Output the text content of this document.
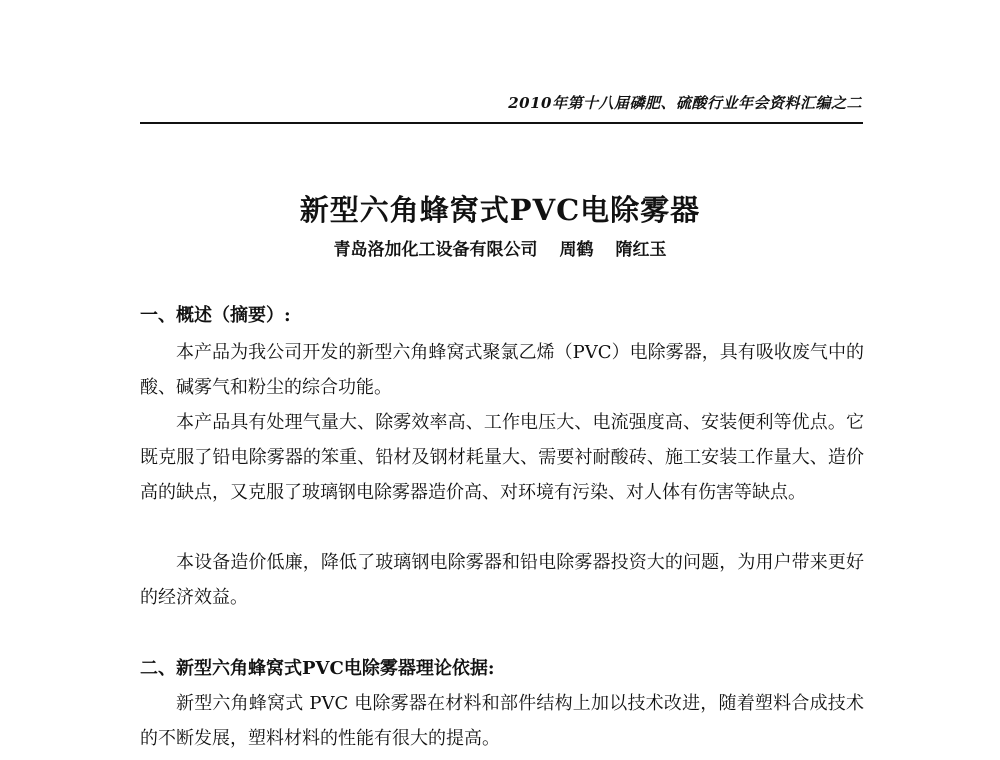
2010年第十八届磷肥、硫酸行业年会资料汇编之二
新型六角蜂窝式PVC电除雾器
青岛洛加化工设备有限公司 周鹤 隋红玉
一、概述（摘要）:

本产品为我公司开发的新型六角蜂窝式聚氯乙烯（PVC）电除雾器，具有吸收废气中的酸、碱雾气和粉尘的综合功能。

本产品具有处理气量大、除雾效率高、工作电压大、电流强度高、安装便利等优点。它既克服了铅电除雾器的笨重、铅材及钢材耗量大、需要衬耐酸砖、施工安装工作量大、造价高的缺点，又克服了玻璃钢电除雾器造价高、对环境有污染、对人体有伤害等缺点。

本设备造价低廉，降低了玻璃钢电除雾器和铅电除雾器投资大的问题，为用户带来更好的经济效益。

二、新型六角蜂窝式PVC电除雾器理论依据:

新型六角蜂窝式 PVC 电除雾器在材料和部件结构上加以技术改进，随着塑料合成技术的不断发展，塑料材料的性能有很大的提高。
